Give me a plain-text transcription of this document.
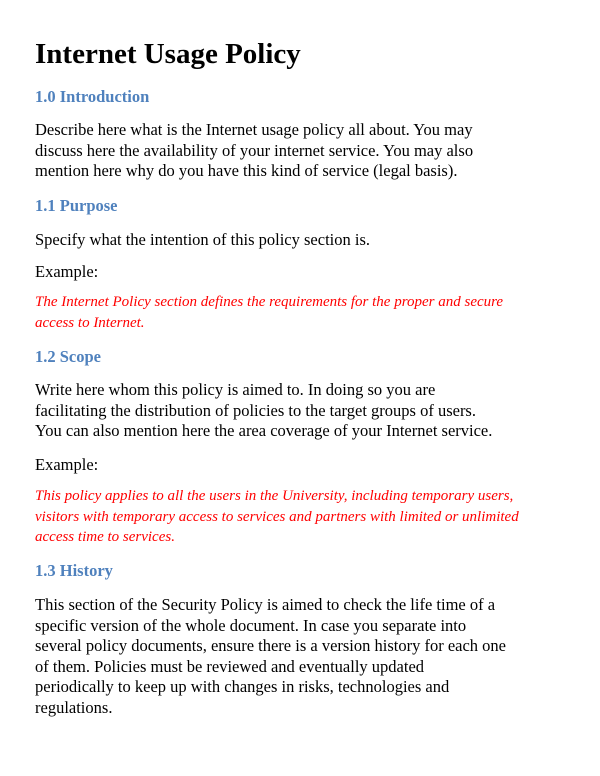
Internet Usage Policy
1.0 Introduction

Describe here what is the Internet usage policy all about. You may
discuss here the availability of your internet service. You may also
mention here why do you have this kind of service (legal basis).

1.1 Purpose

Specify what the intention of this policy section is.

Example:

The Internet Policy section defines the requirements for the proper and secure
access to Internet.

1.2 Scope

Write here whom this policy is aimed to. In doing so you are
facilitating the distribution of policies to the target groups of users.
You can also mention here the area coverage of your Internet service.

Example:

This policy applies to all the users in the University, including temporary users,
visitors with temporary access to services and partners with limited or unlimited
access time to services.

1.3 History

This section of the Security Policy is aimed to check the life time of a
specific version of the whole document. In case you separate into
several policy documents, ensure there is a version history for each one
of them. Policies must be reviewed and eventually updated
periodically to keep up with changes in risks, technologies and
regulations.
